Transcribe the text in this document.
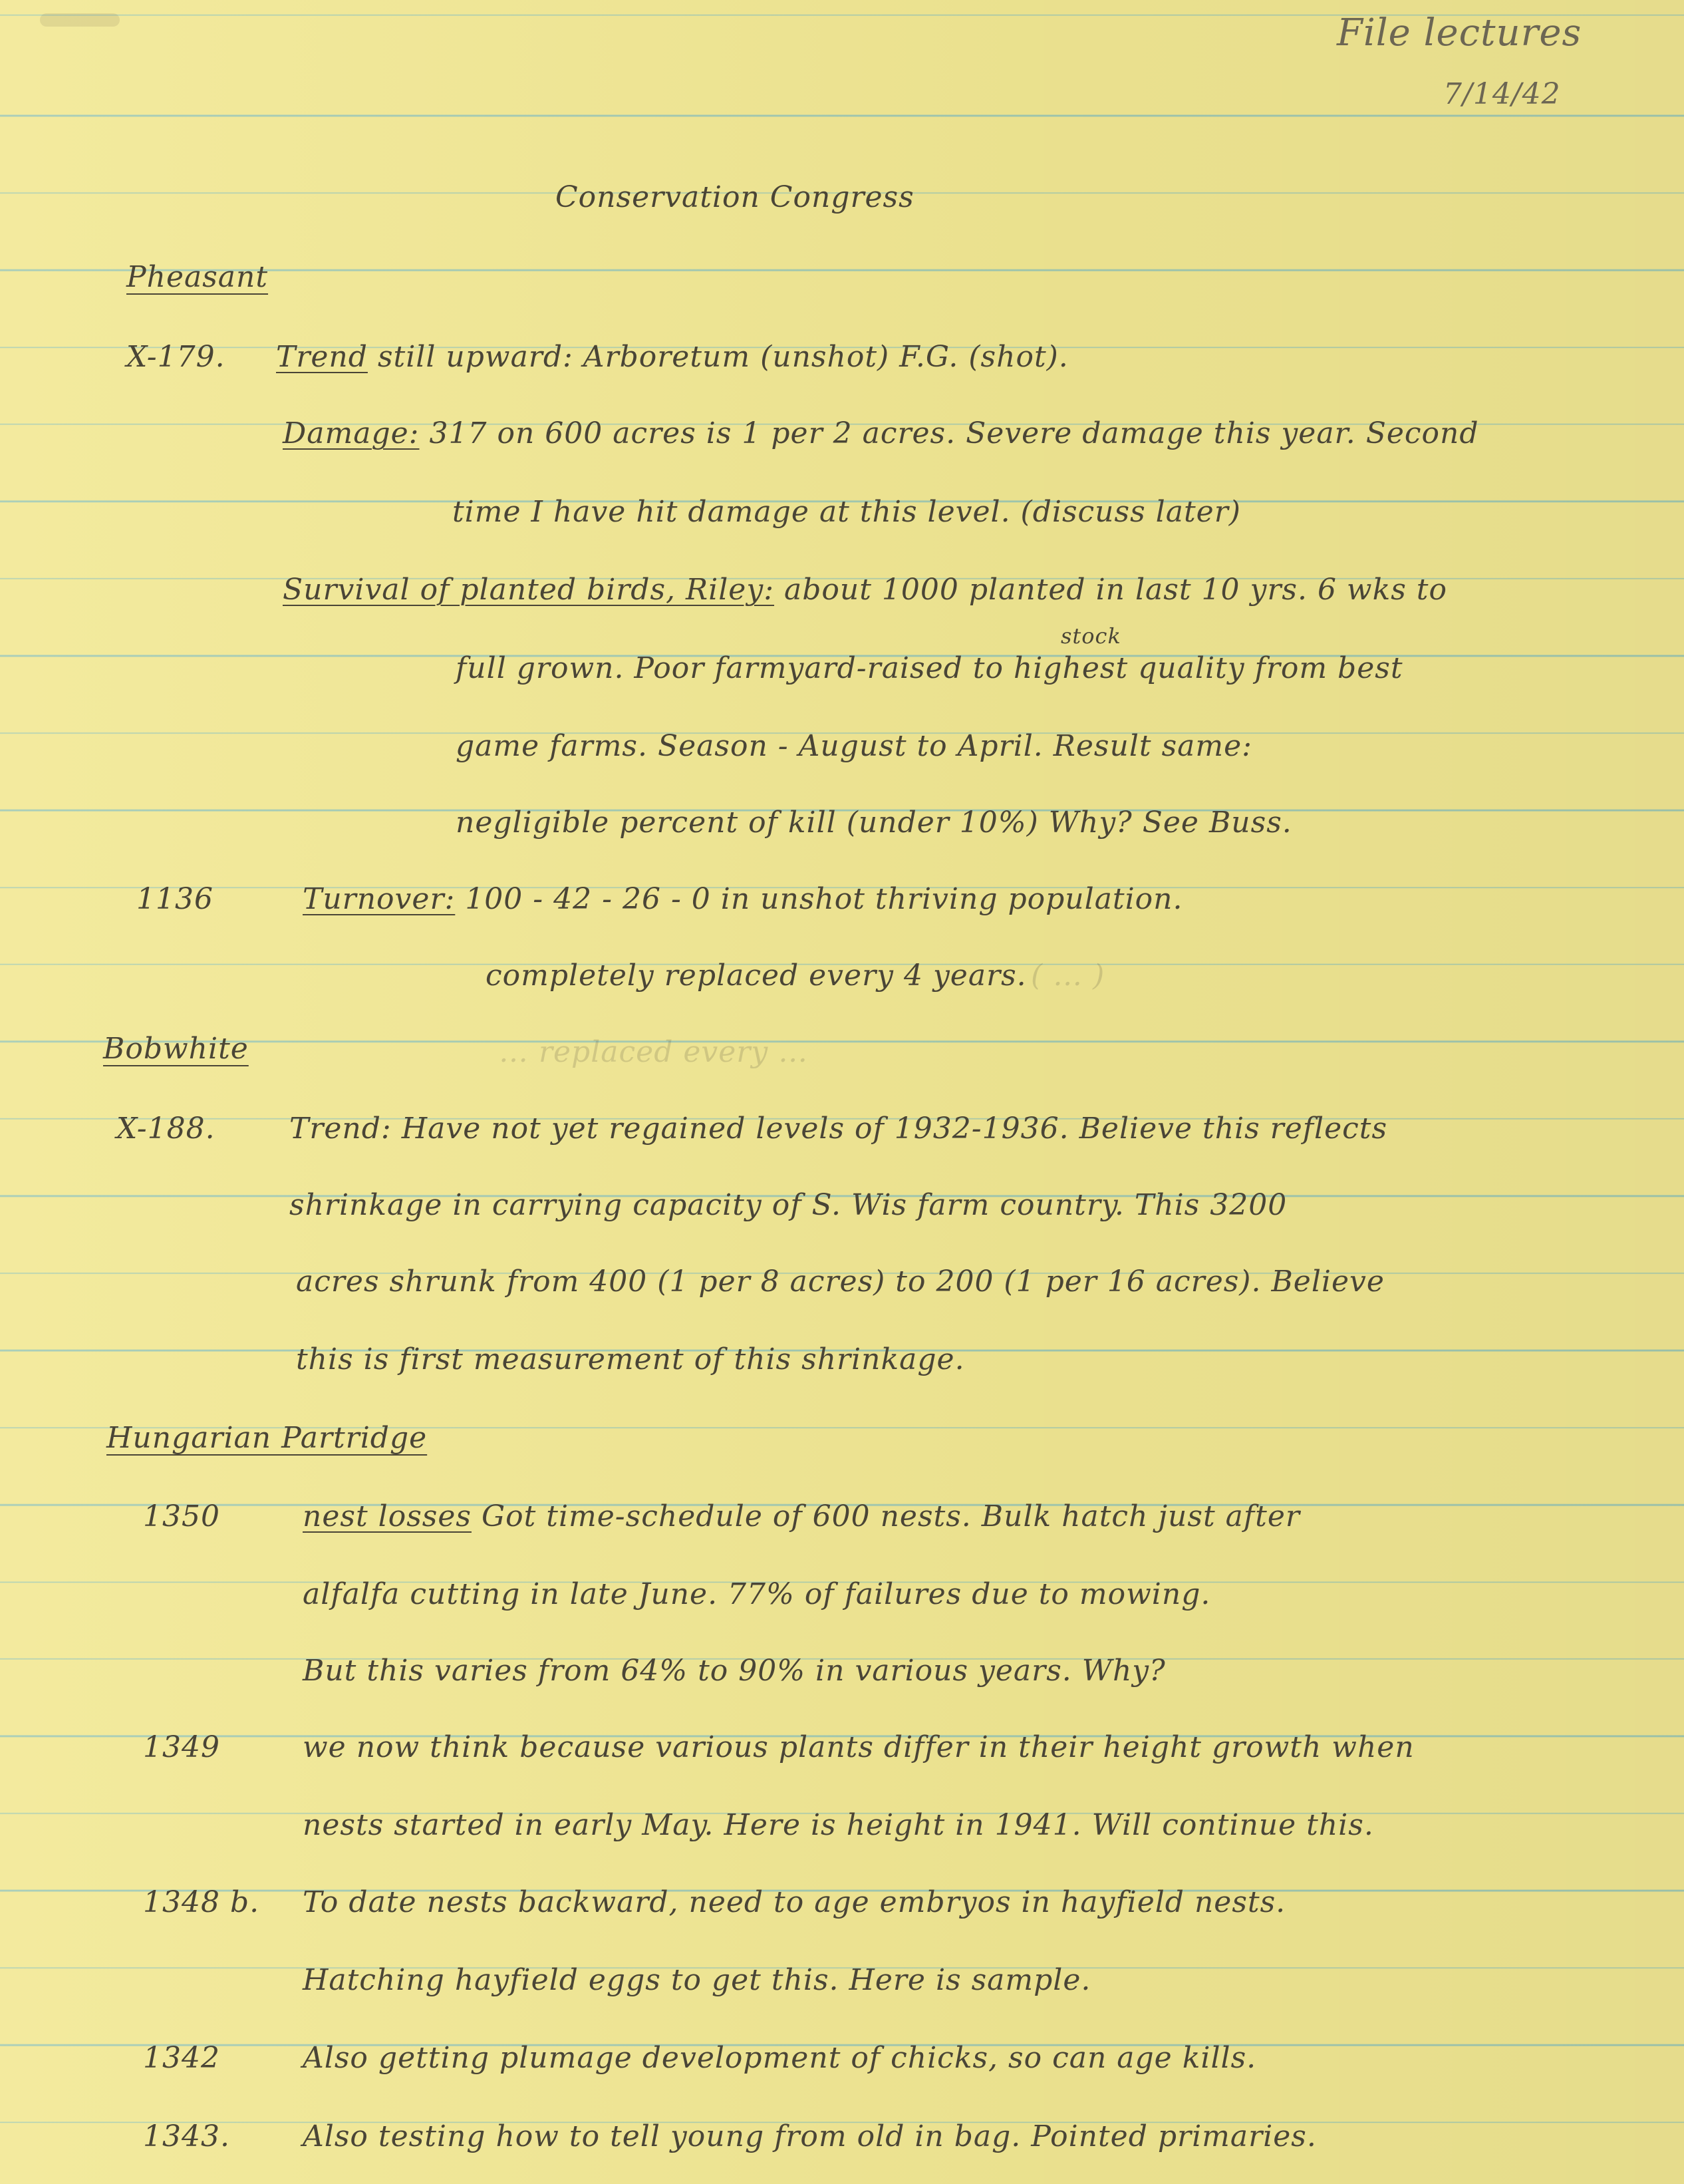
File lectures
7/14/42
Conservation Congress
Pheasant
X-179. Trend still upward: Arboretum (unshot) F.G. (shot).
Damage: 317 on 600 acres is 1 per 2 acres. Severe damage this year. Second
time I have hit damage at this level. (discuss later)
Survival of planted birds, Riley: about 1000 planted in last 10 yrs. 6 wks to
stock
full grown. Poor farmyard-raised to highest quality from best
game farms. Season - August to April. Result same:
negligible percent of kill (under 10%) Why? See Buss.
1136	Turnover: 100 - 42 - 26 - 0 in unshot thriving population.
completely replaced every 4 years. ( … )
… replaced every …
Bobwhite
X-188.	Trend: Have not yet regained levels of 1932-1936. Believe this reflects
shrinkage in carrying capacity of S. Wis farm country. This 3200
acres shrunk from 400 (1 per 8 acres) to 200 (1 per 16 acres). Believe
this is first measurement of this shrinkage.
Hungarian Partridge
1350	nest losses Got time-schedule of 600 nests. Bulk hatch just after
alfalfa cutting in late June. 77% of failures due to mowing.
But this varies from 64% to 90% in various years. Why?
1349	we now think because various plants differ in their height growth when
nests started in early May. Here is height in 1941. Will continue this.
1348 b. To date nests backward, need to age embryos in hayfield nests.
Hatching hayfield eggs to get this. Here is sample.
1342	Also getting plumage development of chicks, so can age kills.
1343. Also testing how to tell young from old in bag. Pointed primaries.
